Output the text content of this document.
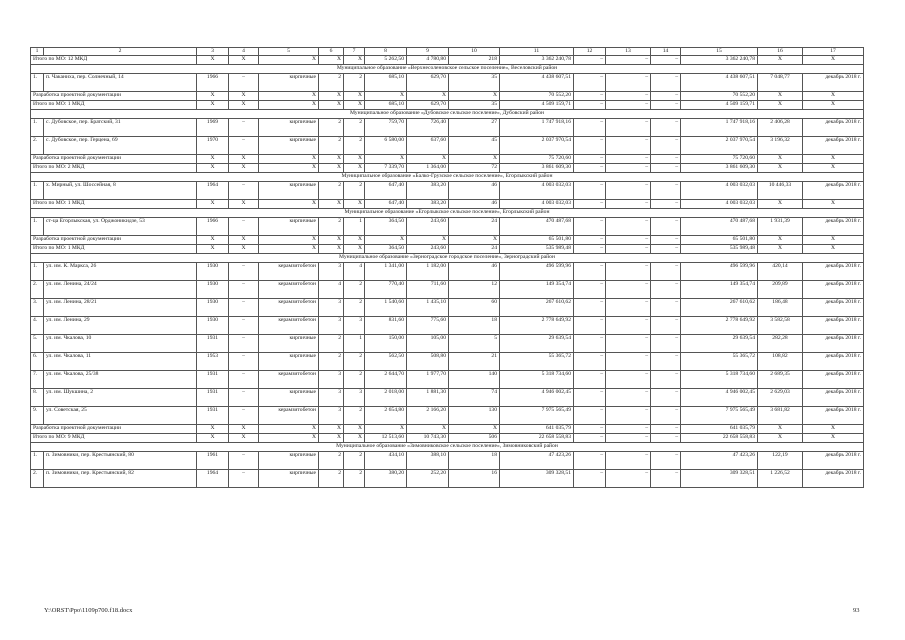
1	2	3	4	5	6	7	8	9	10	11	12	13	14	15	16	17
Итого по МО: 12 МКД		X	X	X	X	X	5 262,50	4 780,80	218	3 362 240,78	–	–	–	3 362 240,78	X	X
Муниципальное образование «Верхнесоленовское сельское поселение», Веселовский район																
1.	п. Чаканиха, пер. Солнечный, 14	1966	–	кирпичные	2	2	685,10	629,70	35	4 438 607,51	–	–	–	4 438 607,51	7 048,77	декабрь 2018 г.
Разработка проектной документации		X	X	X	X	X	X	X	X	70 552,20	–	–	–	70 552,20	X	X
Итого по МО: 1 МКД		X	X	X	X	X	685,10	629,70	35	4 509 159,71	–	–	–	4 509 159,71	X	X
Муниципальное образование «Дубовское сельское поселение», Дубовский район																
1.	с. Дубовское, пер. Братский, 31	1969	–	кирпичные	2	2	759,70	726,40	27	1 747 918,16	–	–	–	1 747 918,16	2 406,28	декабрь 2018 г.
2.	с. Дубовское, пер. Герцена, 69	1970	–	кирпичные	2	2	6 580,00	637,60	45	2 037 970,54	–	–	–	2 037 970,54	3 196,32	декабрь 2018 г.
Разработка проектной документации		X	X	X	X	X	X	X	X	75 720,60	–	–	–	75 720,60	X	X
Итого по МО: 2 МКД		X	X	X	X	X	7 339,70	1 364,00	72	3 861 609,30	–	–	–	3 861 609,30	X	X
Муниципальное образование «Балко-Грузское сельское поселение», Егорлыкский район																
1.	х. Мирный, ул. Шоссейная, 8	1964	–	кирпичные	2	2	647,40	383,20	46	4 003 032,03	–	–	–	4 003 032,03	10 446,33	декабрь 2018 г.
Итого по МО: 1 МКД		X	X	X	X	X	647,40	383,20	46	4 003 032,03	–	–	–	4 003 032,03	X	X
Муниципальное образование «Егорлыкское сельское поселение», Егорлыкский район																
1.	ст-ца Егорлыкская, ул. Орджоникидзе, 53	1966	–	кирпичные	2	1	364,50	243,60	24	470 487,68	–	–	–	470 487,68	1 931,39	декабрь 2018 г.
Разработка проектной документации		X	X	X	X	X	X	X	X	65 501,80	–	–	–	65 501,80	X	X
Итого по МО: 1 МКД		X	X	X	X	X	364,50	243,60	24	535 989,48	–	–	–	535 989,48	X	X
Муниципальное образование «Зерноградское городское поселение», Зерноградский район																
1.	ул. им. К. Маркса, 26	1930	–	керамзитобетон	3	4	1 341,00	1 182,00	46	496 599,96	–	–	–	496 599,96	420,14	декабрь 2018 г.
2.	ул. им. Ленина, 24/24	1930	–	керамзитобетон	4	2	770,40	711,60	12	149 354,74	–	–	–	149 354,74	209,89	декабрь 2018 г.
3.	ул. им. Ленина, 28/21	1930	–	керамзитобетон	3	2	1 540,60	1 435,10	60	267 610,62	–	–	–	267 610,62	186,48	декабрь 2018 г.
4.	ул. им. Ленина, 29	1930	–	керамзитобетон	3	3	831,60	775,60	18	2 778 649,92	–	–	–	2 778 649,92	3 582,58	декабрь 2018 г.
5.	ул. им. Чкалова, 10	1931	–	кирпичные	2	1	150,00	105,00	5	29 639,54	–	–	–	29 639,54	282,28	декабрь 2018 г.
6.	ул. им. Чкалова, 11	1953	–	кирпичные	2	2	562,50	508,80	21	55 365,72	–	–	–	55 365,72	108,82	декабрь 2018 г.
7.	ул. им. Чкалова, 25/38	1931	–	керамзитобетон	3	2	2 644,70	1 977,70	140	5 318 734,60	–	–	–	5 318 734,60	2 689,35	декабрь 2018 г.
8.	ул. им. Шукшина, 2	1931	–	кирпичные	3	3	2 018,00	1 881,30	74	4 946 002,45	–	–	–	4 946 002,45	2 629,03	декабрь 2018 г.
9.	ул. Советская, 25	1931	–	керамзитобетон	3	2	2 654,80	2 166,20	130	7 975 565,49	–	–	–	7 975 565,49	3 681,82	декабрь 2018 г.
Разработка проектной документации		X	X	X	X	X	X	X	X	641 035,79	–	–	–	641 035,79	X	X
Итого по МО: 9 МКД		X	X	X	X	X	12 513,60	10 743,30	506	22 658 558,83	–	–	–	22 658 558,83	X	X
Муниципальное образование «Зимовниковское сельское поселение», Зимовниковский район																
1.	п. Зимовники, пер. Крестьянский, 80	1961	–	кирпичные	2	2	434,10	388,10	18	47 423,26	–	–	–	47 423,26	122,19	декабрь 2018 г.
2.	п. Зимовники, пер. Крестьянский, 82	1964	–	кирпичные	2	2	380,20	252,20	16	309 328,51	–	–	–	309 328,51	1 226,52	декабрь 2018 г.
Y:\ORST\Ppo\1109p700.f18.docx	93
